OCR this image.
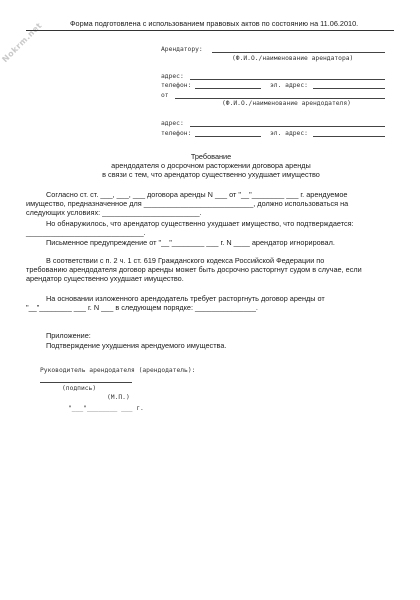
Nokrm.net	Форма подготовлена с использованием правовых актов по состоянию на 11.06.2010.
Арендатору:
(Ф.И.О./наименование арендатора)
адрес:
телефон:	эл. адрес:
от
(Ф.И.О./наименование арендодателя)
адрес:
телефон:	эл. адрес:
Требование
арендодателя о досрочном расторжении договора аренды
в связи с тем, что арендатор существенно ухудшает имущество
Согласно ст. ст. ___, ___, ___ договора аренды N ___ от "__"________ ___ г. арендуемое
имущество, предназначенное для ___________________________, должно использоваться на
следующих условиях: ________________________.
Но обнаружилось, что арендатор существенно ухудшает имущество, что подтверждается:
_____________________________.
Письменное предупреждение от "__"________ ___ г. N ____ арендатор игнорировал.
В соответствии с п. 2 ч. 1 ст. 619 Гражданского кодекса Российской Федерации по
требованию арендодателя договор аренды может быть досрочно расторгнут судом в случае, если
арендатор существенно ухудшает имущество.
На основании изложенного арендодатель требует расторгнуть договор аренды от
"__"________ ___ г. N ___ в следующем порядке: _______________.
Приложение:
Подтверждение ухудшения арендуемого имущества.
Руководитель арендодателя (арендодатель):
(подпись)
(М.П.)
"___"________ ___ г.
